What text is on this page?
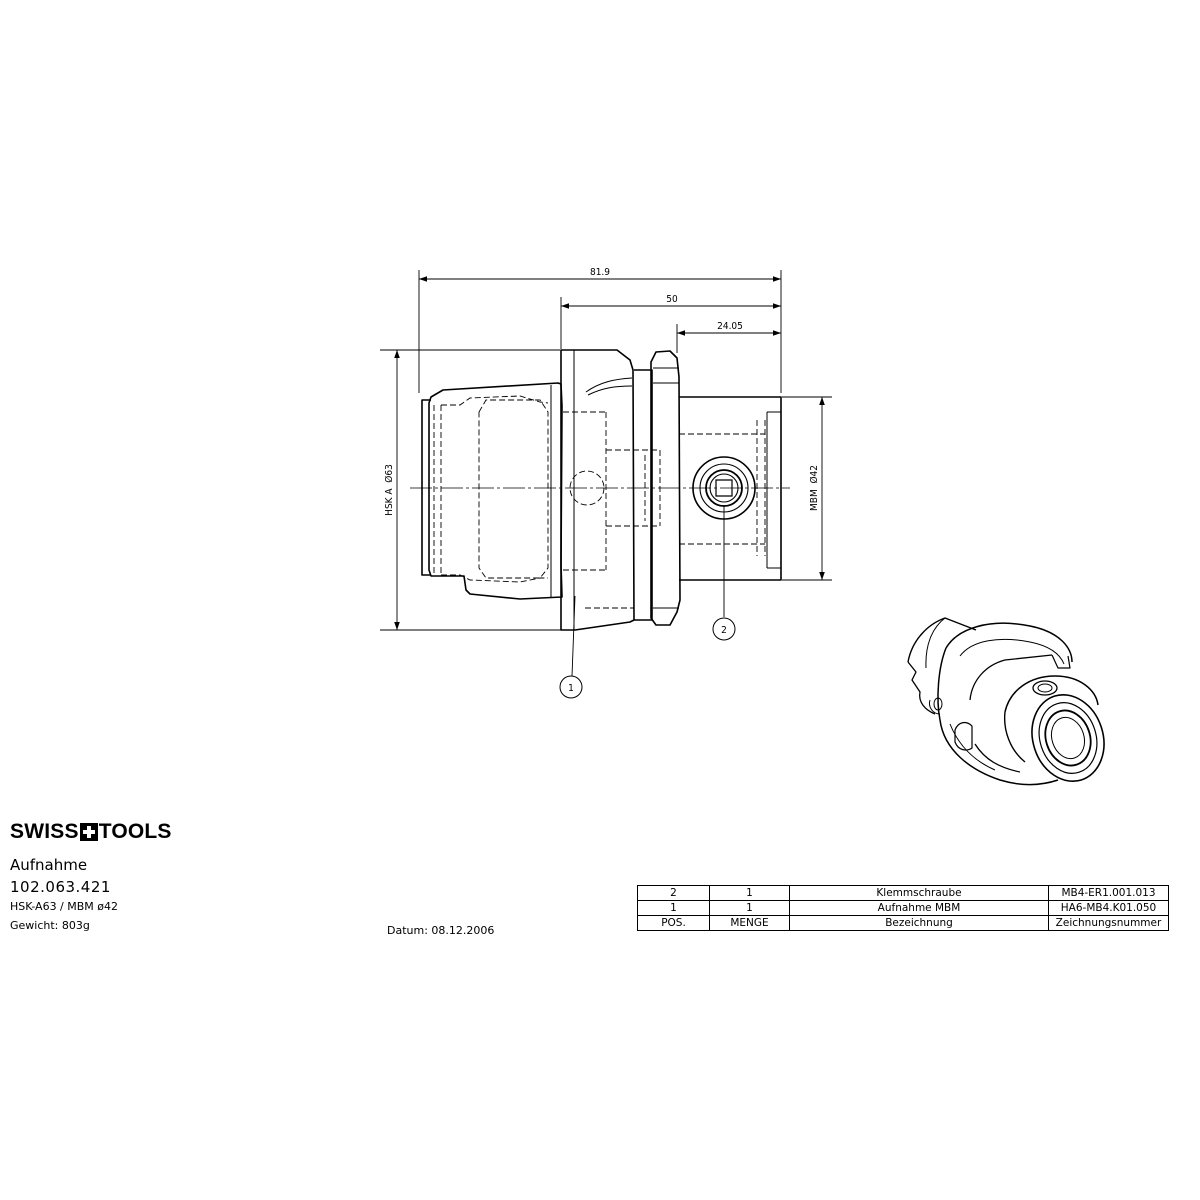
81.9
50
24.05
HSK A  Ø63	MBM  Ø42
1
2
SWISS TOOLS
Aufnahme
102.063.421
HSK-A63 / MBM ø42
Gewicht: 803g	Datum: 08.12.2006
2	1	Klemmschraube	MB4-ER1.001.013
1	1	Aufnahme MBM	HA6-MB4.K01.050
POS.	MENGE	Bezeichnung	Zeichnungsnummer
